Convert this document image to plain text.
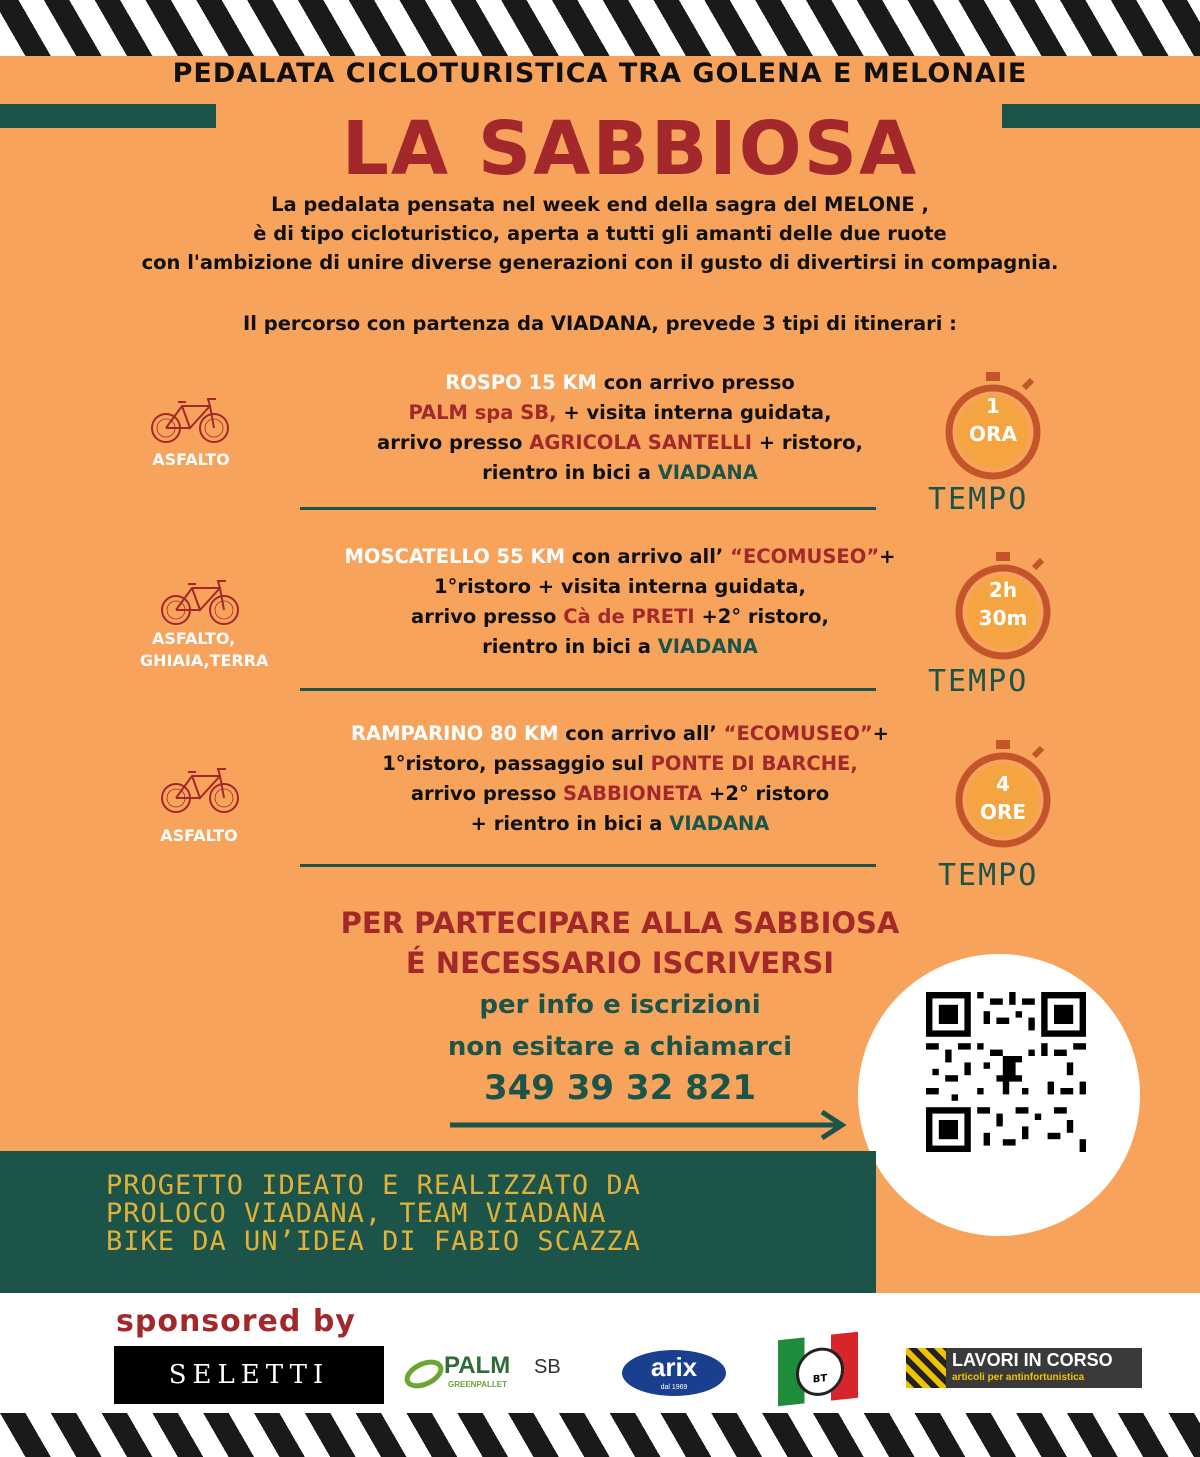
PEDALATA CICLOTURISTICA TRA GOLENA E MELONAIE
LA SABBIOSA
La pedalata pensata nel week end della sagra del MELONE ,
è di tipo cicloturistico, aperta a tutti gli amanti delle due ruote
con l'ambizione di unire diverse generazioni con il gusto di divertirsi in compagnia.
Il percorso con partenza da VIADANA, prevede 3 tipi di itinerari :
ASFALTO
ROSPO 15 KM con arrivo presso
PALM spa SB, + visita interna guidata,
arrivo presso AGRICOLA SANTELLI + ristoro,
rientro in bici a VIADANA
1
ORA
TEMPO
ASFALTO,
GHIAIA,TERRA
MOSCATELLO 55 KM con arrivo all’ “ECOMUSEO”+
1°ristoro + visita interna guidata,
arrivo presso Cà de PRETI +2° ristoro,
rientro in bici a VIADANA
2h
30m
TEMPO
ASFALTO
RAMPARINO 80 KM con arrivo all’ “ECOMUSEO”+
1°ristoro, passaggio sul PONTE DI BARCHE,
arrivo presso SABBIONETA +2° ristoro
+ rientro in bici a VIADANA
4
ORE
TEMPO
PER PARTECIPARE ALLA SABBIOSA
É NECESSARIO ISCRIVERSI
per info e iscrizioni
non esitare a chiamarci
349 39 32 821
PROGETTO IDEATO E REALIZZATO DA
PROLOCO VIADANA, TEAM VIADANA
BIKE DA UN’IDEA DI FABIO SCAZZA
sponsored by
SELETTI	PALM
GREENPALLET
SB	arix
dal 1969
BT
LAVORI IN CORSO
articoli per antinfortunistica
